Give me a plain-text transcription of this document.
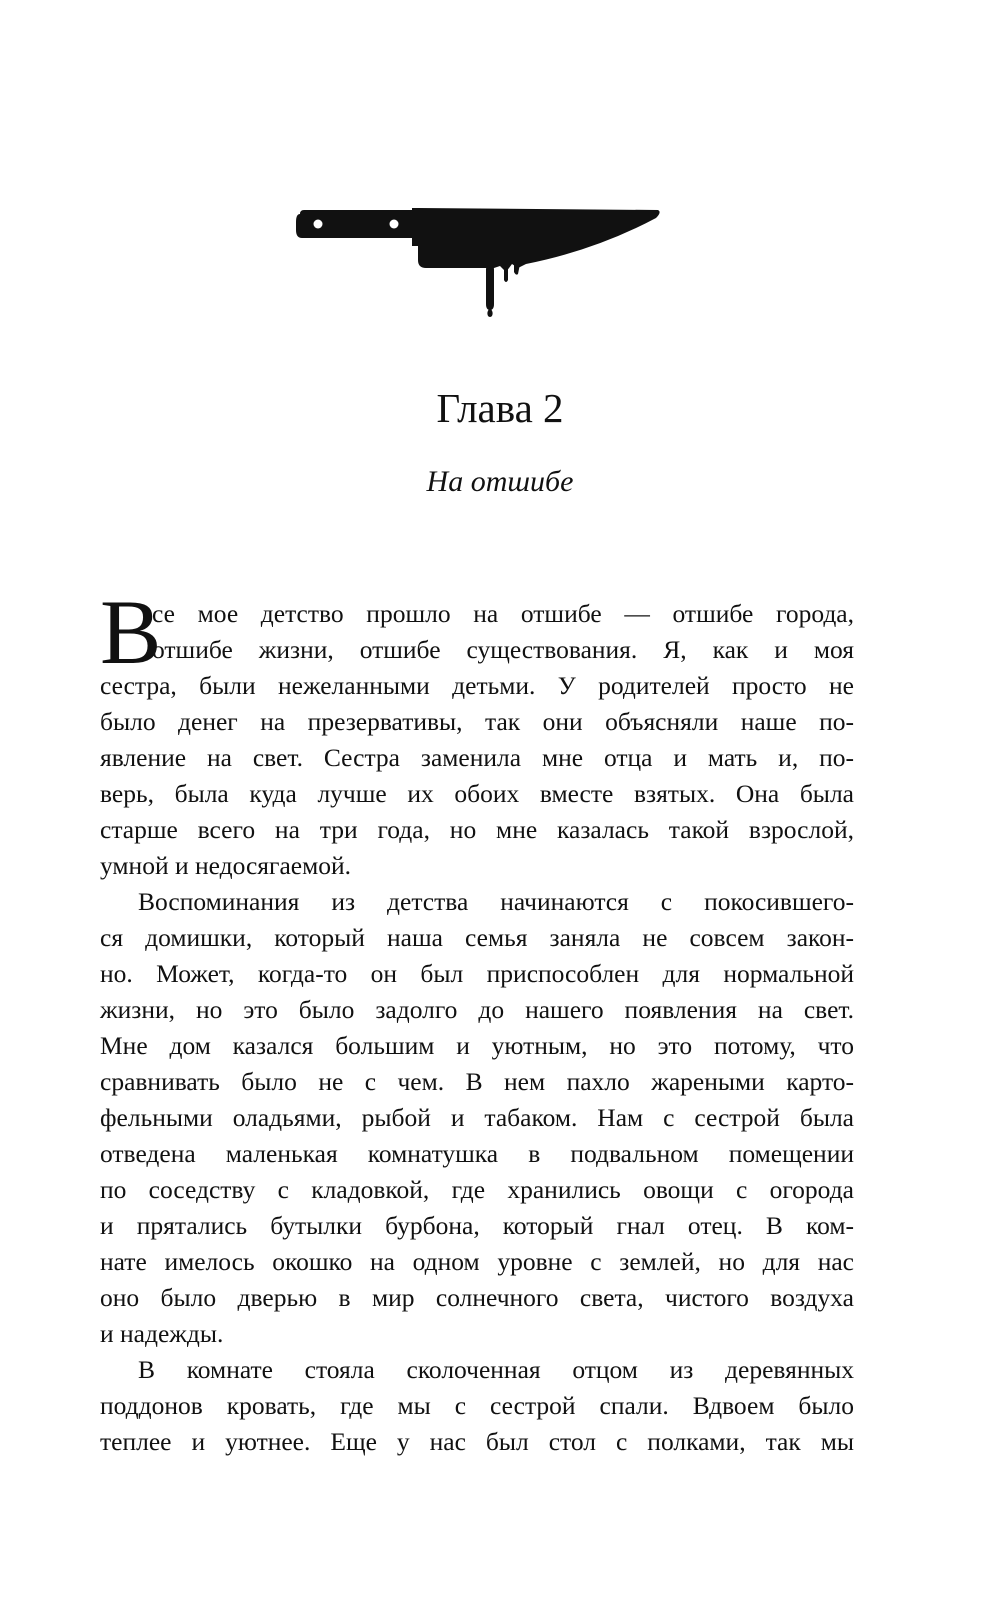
Глава 2
На отшибе
В
се мое детство прошло на отшибе — отшибе города,
отшибе жизни, отшибе существования. Я, как и моя
сестра, были нежеланными детьми. У родителей просто не
было денег на презервативы, так они объясняли наше по-
явление на свет. Сестра заменила мне отца и мать и, по-
верь, была куда лучше их обоих вместе взятых. Она была
старше всего на три года, но мне казалась такой взрослой,
умной и недосягаемой.
Воспоминания из детства начинаются с покосившего-
ся домишки, который наша семья заняла не совсем закон-
но. Может, когда-то он был приспособлен для нормальной
жизни, но это было задолго до нашего появления на свет.
Мне дом казался большим и уютным, но это потому, что
сравнивать было не с чем. В нем пахло жареными карто-
фельными оладьями, рыбой и табаком. Нам с сестрой была
отведена маленькая комнатушка в подвальном помещении
по соседству с кладовкой, где хранились овощи с огорода
и прятались бутылки бурбона, который гнал отец. В ком-
нате имелось окошко на одном уровне с землей, но для нас
оно было дверью в мир солнечного света, чистого воздуха
и надежды.
В комнате стояла сколоченная отцом из деревянных
поддонов кровать, где мы с сестрой спали. Вдвоем было
теплее и уютнее. Еще у нас был стол с полками, так мы
